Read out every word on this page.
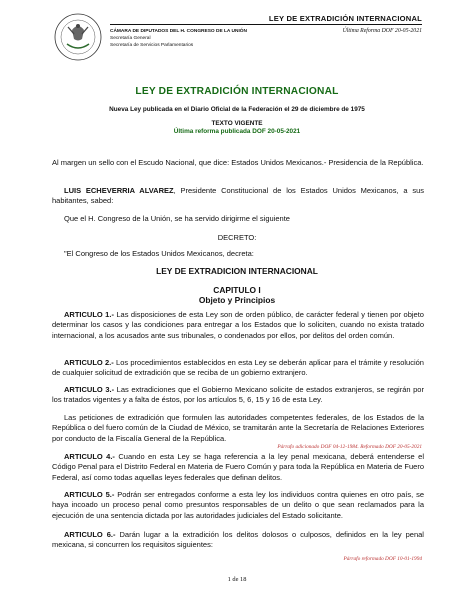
LEY DE EXTRADICIÓN INTERNACIONAL
CÁMARA DE DIPUTADOS DEL H. CONGRESO DE LA UNIÓN
Secretaría General
Secretaría de Servicios Parlamentarios
Última Reforma DOF 20-05-2021
LEY DE EXTRADICIÓN INTERNACIONAL
Nueva Ley publicada en el Diario Oficial de la Federación el 29 de diciembre de 1975
TEXTO VIGENTE
Última reforma publicada DOF 20-05-2021
Al margen un sello con el Escudo Nacional, que dice: Estados Unidos Mexicanos.- Presidencia de la República.
LUIS ECHEVERRIA ALVAREZ, Presidente Constitucional de los Estados Unidos Mexicanos, a sus habitantes, sabed:
Que el H. Congreso de la Unión, se ha servido dirigirme el siguiente
DECRETO:
"El Congreso de los Estados Unidos Mexicanos, decreta:
LEY DE EXTRADICION INTERNACIONAL
CAPITULO I
Objeto y Principios
ARTICULO 1.- Las disposiciones de esta Ley son de orden público, de carácter federal y tienen por objeto determinar los casos y las condiciones para entregar a los Estados que lo soliciten, cuando no exista tratado internacional, a los acusados ante sus tribunales, o condenados por ellos, por delitos del orden común.
ARTICULO 2.- Los procedimientos establecidos en esta Ley se deberán aplicar para el trámite y resolución de cualquier solicitud de extradición que se reciba de un gobierno extranjero.
ARTICULO 3.- Las extradiciones que el Gobierno Mexicano solicite de estados extranjeros, se regirán por los tratados vigentes y a falta de éstos, por los artículos 5, 6, 15 y 16 de esta Ley.
Las peticiones de extradición que formulen las autoridades competentes federales, de los Estados de la República o del fuero común de la Ciudad de México, se tramitarán ante la Secretaría de Relaciones Exteriores por conducto de la Fiscalía General de la República.
Párrafo adicionado DOF 04-12-1984. Reformado DOF 20-05-2021
ARTICULO 4.- Cuando en esta Ley se haga referencia a la ley penal mexicana, deberá entenderse el Código Penal para el Distrito Federal en Materia de Fuero Común y para toda la República en Materia de Fuero Federal, así como todas aquellas leyes federales que definan delitos.
ARTICULO 5.- Podrán ser entregados conforme a esta ley los individuos contra quienes en otro país, se haya incoado un proceso penal como presuntos responsables de un delito o que sean reclamados para la ejecución de una sentencia dictada por las autoridades judiciales del Estado solicitante.
ARTICULO 6.- Darán lugar a la extradición los delitos dolosos o culposos, definidos en la ley penal mexicana, si concurren los requisitos siguientes:
Párrafo reformado DOF 10-01-1994
1 de 18
